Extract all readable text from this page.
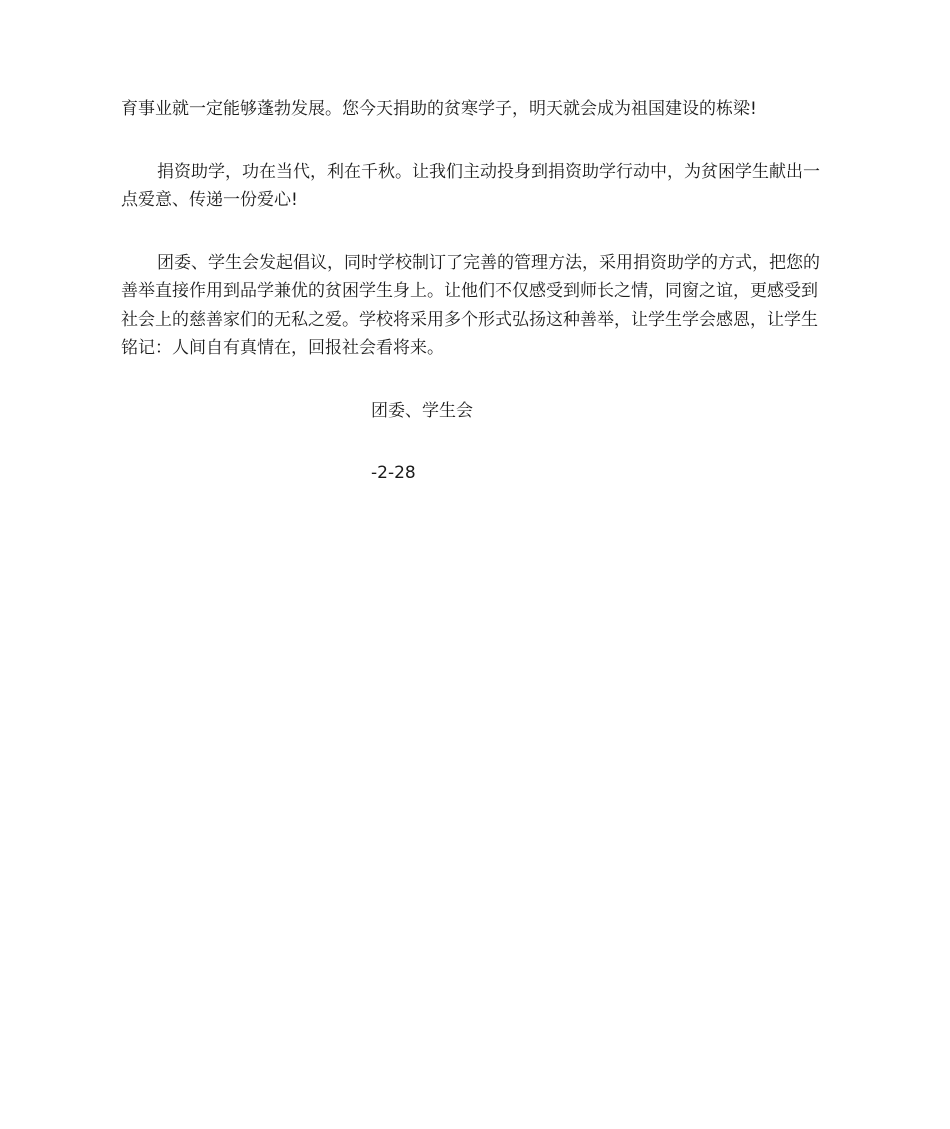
育事业就一定能够蓬勃发展。您今天捐助的贫寒学子，明天就会成为祖国建设的栋梁!

捐资助学，功在当代，利在千秋。让我们主动投身到捐资助学行动中，为贫困学生献出一点爱意、传递一份爱心!

团委、学生会发起倡议，同时学校制订了完善的管理方法，采用捐资助学的方式，把您的善举直接作用到品学兼优的贫困学生身上。让他们不仅感受到师长之情，同窗之谊，更感受到社会上的慈善家们的无私之爱。学校将采用多个形式弘扬这种善举，让学生学会感恩，让学生铭记：人间自有真情在，回报社会看将来。

团委、学生会

-2-28
